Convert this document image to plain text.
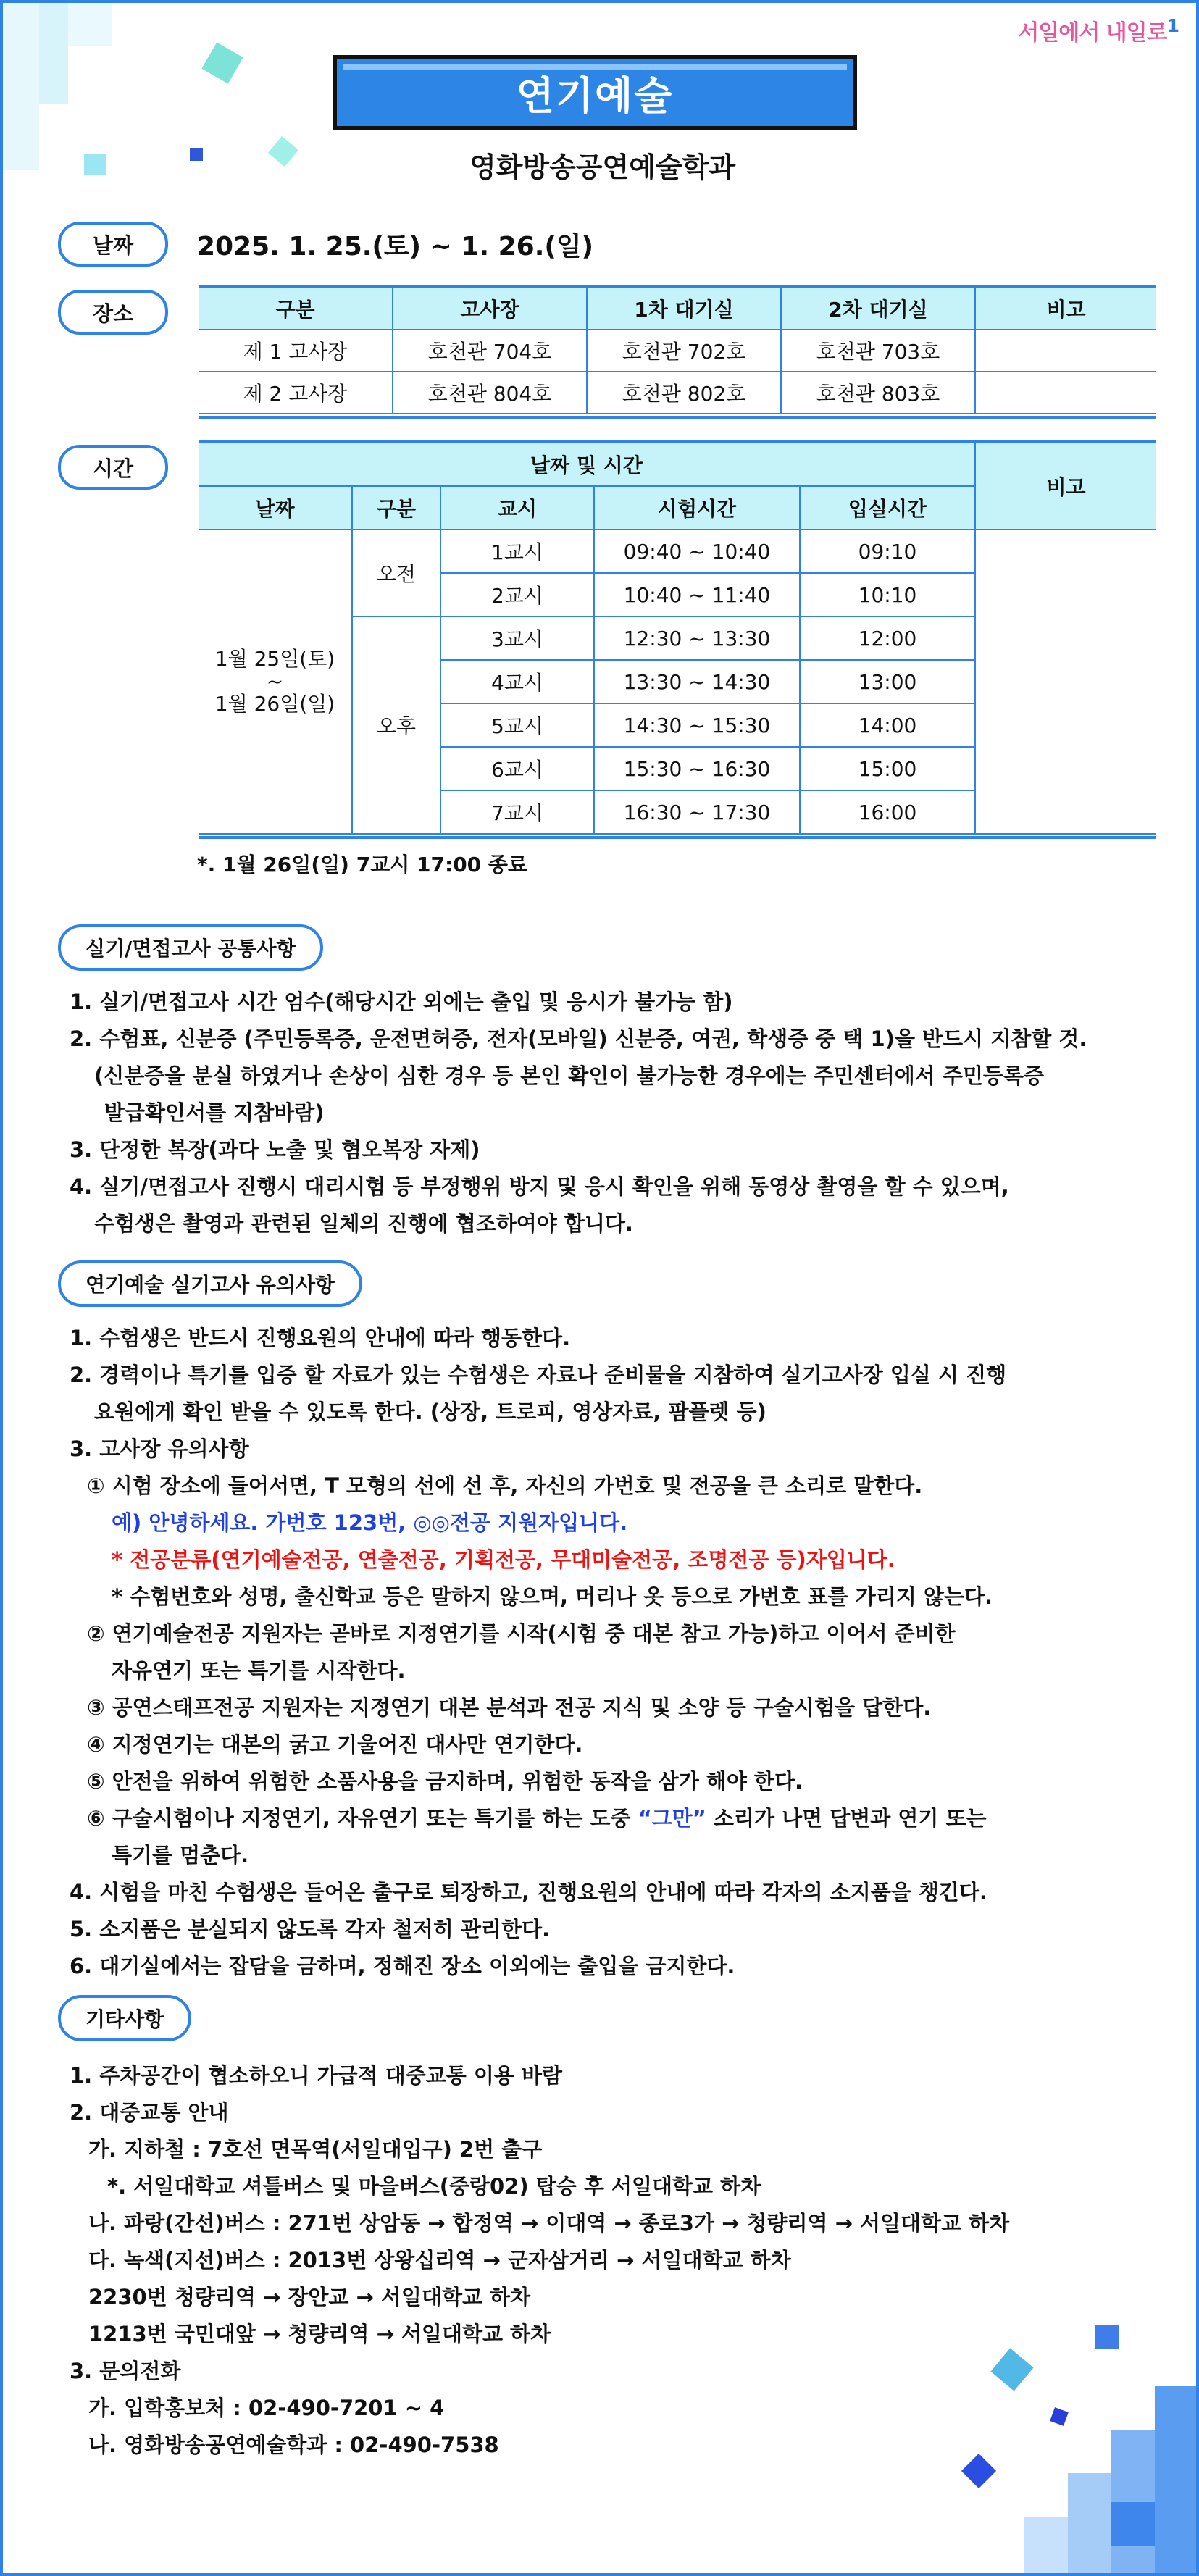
서일에서 내일로$^1$
연기예술
영화방송공연예술학과
날짜	2025. 1. 25.(토) ~ 1. 26.(일)
장소	구분	고사장	1차 대기실	2차 대기실	비고
제 1 고사장	호천관 704호	호천관 702호	호천관 703호	
제 2 고사장	호천관 804호	호천관 802호	호천관 803호	
시간	날짜 및 시간					비고
날짜	구분	교시	시험시간	입실시간	

1월 25일(토)
~
1월 26일(일)	오전	1교시	09:40 ~ 10:40	09:10	
		2교시	10:40 ~ 11:40	10:10	
	오후	3교시	12:30 ~ 13:30	12:00	
		4교시	13:30 ~ 14:30	13:00	
		5교시	14:30 ~ 15:30	14:00	
		6교시	15:30 ~ 16:30	15:00	
		7교시	16:30 ~ 17:30	16:00	
*. 1월 26일(일) 7교시 17:00 종료
실기/면접고사 공통사항
1. 실기/면접고사 시간 엄수(해당시간 외에는 출입 및 응시가 불가능 함)
2. 수험표, 신분증 (주민등록증, 운전면허증, 전자(모바일) 신분증, 여권, 학생증 중 택 1)을 반드시 지참할 것.
(신분증을 분실 하였거나 손상이 심한 경우 등 본인 확인이 불가능한 경우에는 주민센터에서 주민등록증
발급확인서를 지참바람)
3. 단정한 복장(과다 노출 및 혐오복장 자제)
4. 실기/면접고사 진행시 대리시험 등 부정행위 방지 및 응시 확인을 위해 동영상 촬영을 할 수 있으며,
수험생은 촬영과 관련된 일체의 진행에 협조하여야 합니다.
연기예술 실기고사 유의사항
1. 수험생은 반드시 진행요원의 안내에 따라 행동한다.
2. 경력이나 특기를 입증 할 자료가 있는 수험생은 자료나 준비물을 지참하여 실기고사장 입실 시 진행
요원에게 확인 받을 수 있도록 한다. (상장, 트로피, 영상자료, 팜플렛 등)
3. 고사장 유의사항
① 시험 장소에 들어서면, T 모형의 선에 선 후, 자신의 가번호 및 전공을 큰 소리로 말한다.
예) 안녕하세요. 가번호 123번, ◎◎전공 지원자입니다.
* 전공분류(연기예술전공, 연출전공, 기획전공, 무대미술전공, 조명전공 등)자입니다.
* 수험번호와 성명, 출신학교 등은 말하지 않으며, 머리나 옷 등으로 가번호 표를 가리지 않는다.
② 연기예술전공 지원자는 곧바로 지정연기를 시작(시험 중 대본 참고 가능)하고 이어서 준비한
자유연기 또는 특기를 시작한다.
③ 공연스태프전공 지원자는 지정연기 대본 분석과 전공 지식 및 소양 등 구술시험을 답한다.
④ 지정연기는 대본의 굵고 기울어진 대사만 연기한다.
⑤ 안전을 위하여 위험한 소품사용을 금지하며, 위험한 동작을 삼가 해야 한다.
⑥ 구술시험이나 지정연기, 자유연기 또는 특기를 하는 도중 “그만” 소리가 나면 답변과 연기 또는
특기를 멈춘다.
4. 시험을 마친 수험생은 들어온 출구로 퇴장하고, 진행요원의 안내에 따라 각자의 소지품을 챙긴다.
5. 소지품은 분실되지 않도록 각자 철저히 관리한다.
6. 대기실에서는 잡담을 금하며, 정해진 장소 이외에는 출입을 금지한다.
기타사항
1. 주차공간이 협소하오니 가급적 대중교통 이용 바람
2. 대중교통 안내
가. 지하철 : 7호선 면목역(서일대입구) 2번 출구
*. 서일대학교 셔틀버스 및 마을버스(중랑02) 탑승 후 서일대학교 하차
나. 파랑(간선)버스 : 271번 상암동 → 합정역 → 이대역 → 종로3가 → 청량리역 → 서일대학교 하차
다. 녹색(지선)버스 : 2013번 상왕십리역 → 군자삼거리 → 서일대학교 하차
2230번 청량리역 → 장안교 → 서일대학교 하차
1213번 국민대앞 → 청량리역 → 서일대학교 하차
3. 문의전화
가. 입학홍보처 : 02-490-7201 ~ 4
나. 영화방송공연예술학과 : 02-490-7538
